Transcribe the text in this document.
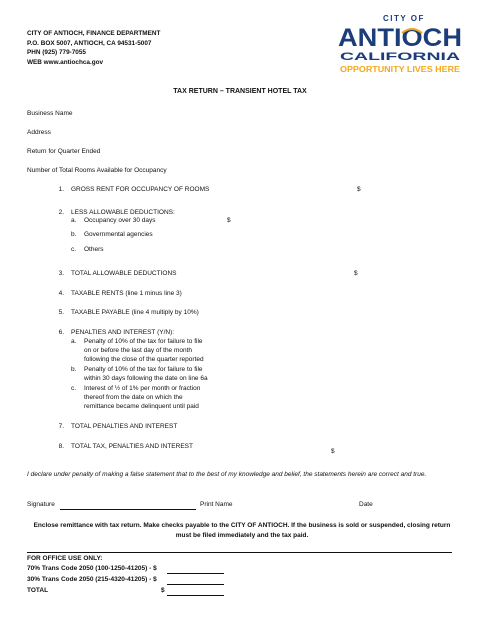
CITY OF ANTIOCH, FINANCE DEPARTMENT
P.O. BOX 5007, ANTIOCH, CA 94531-5007
PHN (925) 779-7055
WEB www.antiochca.gov
CITY OF
ANTIOCH
CALIFORNIA
OPPORTUNITY LIVES HERE
TAX RETURN – TRANSIENT HOTEL TAX
Business Name
Address
Return for Quarter Ended
Number of Total Rooms Available for Occupancy
1. GROSS RENT FOR OCCUPANCY OF ROOMS	$
2. LESS ALLOWABLE DEDUCTIONS:
a. Occupancy over 30 days	$
b. Governmental agencies
c. Others
3. TOTAL ALLOWABLE DEDUCTIONS	$
4. TAXABLE RENTS (line 1 minus line 3)
5. TAXABLE PAYABLE (line 4 multiply by 10%)
6. PENALTIES AND INTEREST (Y/N):
a. Penalty of 10% of the tax for failure to file
on or before the last day of the month
following the close of the quarter reported
b. Penalty of 10% of the tax for failure to file
within 30 days following the date on line 6a
c. Interest of ½ of 1% per month or fraction
thereof from the date on which the
remittance became delinquent until paid
7. TOTAL PENALTIES AND INTEREST
8. TOTAL TAX, PENALTIES AND INTEREST
$
I declare under penalty of making a false statement that to the best of my knowledge and belief, the statements herein are correct and true.
Signature	Print Name	Date
Enclose remittance with tax return. Make checks payable to the CITY OF ANTIOCH. If the business is sold or suspended, closing return must be filed immediately and the tax paid.
FOR OFFICE USE ONLY:
70% Trans Code 2050 (100-1250-41205) - $
30% Trans Code 2050 (215-4320-41205) - $
TOTAL	$
